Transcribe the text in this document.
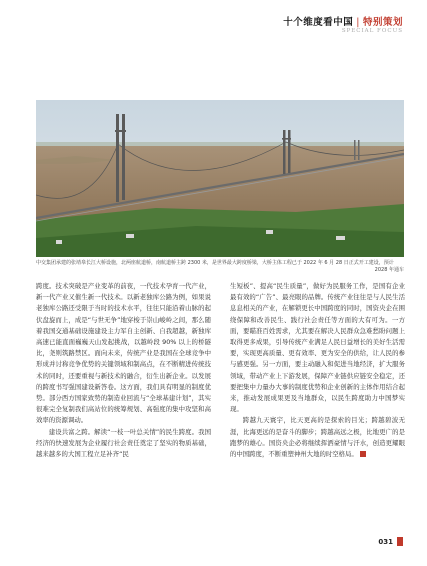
十个维度看中国 | 特别策划
SPECIAL FOCUS
中交集团承建的张靖皋长江大桥设施，北两座航道桥，南航道桥主跨 2300 米，是世界最大跨度桥梁，大桥主体工程已于 2022 年 6 月 28 日正式开工建设，预计
2028 年通车

跨度。技术突破是产业变革的前夜，一代技术孕育一代产业，新一代产业又催生新一代技术。以新老独库公路为例，如果说老独库公路还受限于当时的技术水平，往往只能沿着山脉的起伏盘旋而上，成是“与世无争”地穿梭于崇山峻岭之间，那么随着我国交通基础设施建设主力军自主创新、自我超越，新独库高速已能直面巍巍天山发起挑战，以越岭段 90% 以上的桥隧比，尧则筑路禁区。面向未来，传统产业是我国在全球竞争中形成并讨称竞争优势的关键领域和制高点，在不断精进传统技术的同时，还要重视与新技术的融合，衍生出新企业。以发展的跨度书写强国建设新答卷。这方面，我们具有明显的制度优势。部分西方国家致势的制造业回流与“全球基建计划”，其实很难完全复制我们高站位的统筹规划、高强度的集中攻坚和高效率的资源调动。

建设共富之跨。解读“一枝一叶总关情”的民生跨度。我国经济的快速发展为企业履行社会责任奠定了坚实的物质基础，越来越多的大国工程立足补齐“民

生短板”、提高“民生质量”，做好为民服务工作，是国有企业最有效的“广告”、最亮眼的品牌。传统产业往往是与人民生活息息相关的产业，在解锁更长中国跨度的同时，国资央企在围绕保障和改善民生、践行社会责任等方面的大有可为。一方面，要瞄准百姓需求，尤其要在解决人民群众急难愁盼问题上取得更多成果，引导传统产业满足人民日益增长的美好生活需要，实现更高质量、更有效率、更为安全的供给，让人民的参与感更强。另一方面，要主动融入和促进当地经济，扩大服务领域，带动产业上下游发展，保障产业链供应链安全稳定，还要把集中力量办大事的制度优势和企业创新的主体作用结合起来，推动发展成果更及当地群众，以民生跨度助力中国梦实现。

跨越九天寰宇，比天更高的是探索的目光；跨越碧波无涯，比海更远的是奋斗的脚步；跨越高远之极，比地更广的是跑梦的雄心。国资央企必将继续挥洒豪情与汗水，创造更耀眼的中国跨度，不断重塑神州大地的时空格局。

031
